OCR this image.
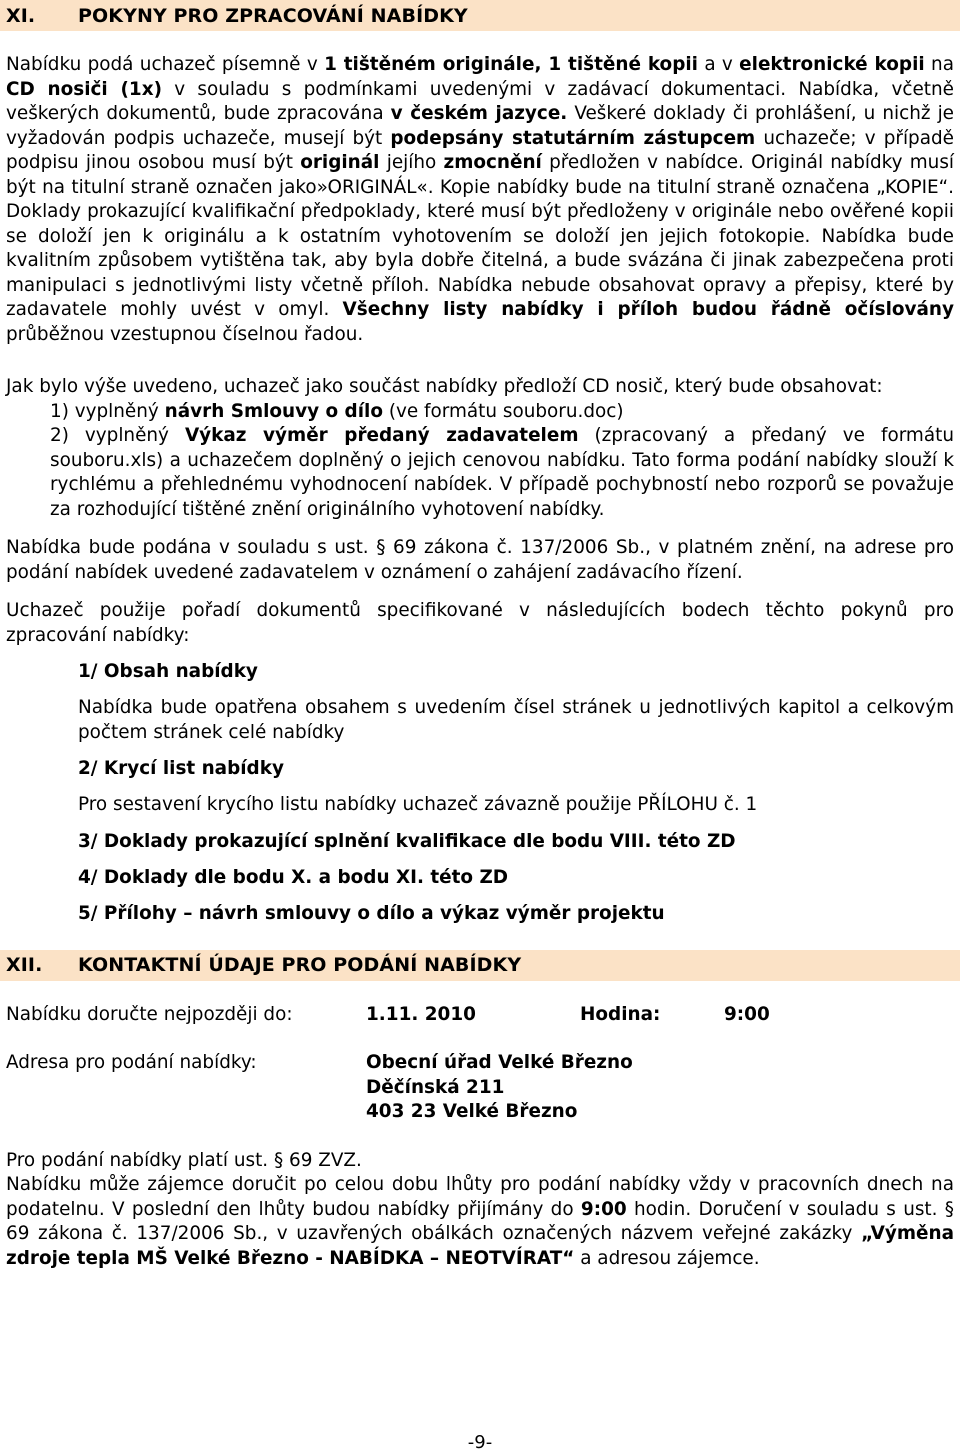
XI.	POKYNY PRO ZPRACOVÁNÍ NABÍDKY

Nabídku podá uchazeč písemně v 1 tištěném originále, 1 tištěné kopii a v elektronické kopii na CD nosiči (1x) v souladu s podmínkami uvedenými v zadávací dokumentaci. Nabídka, včetně veškerých dokumentů, bude zpracována v českém jazyce. Veškeré doklady či prohlášení, u nichž je vyžadován podpis uchazeče, musejí být podepsány statutárním zástupcem uchazeče; v případě podpisu jinou osobou musí být originál jejího zmocnění předložen v nabídce. Originál nabídky musí být na titulní straně označen jako»ORIGINÁL«. Kopie nabídky bude na titulní straně označena „KOPIE“. Doklady prokazující kvalifikační předpoklady, které musí být předloženy v originále nebo ověřené kopii se doloží jen k originálu a k ostatním vyhotovením se doloží jen jejich fotokopie. Nabídka bude kvalitním způsobem vytištěna tak, aby byla dobře čitelná, a bude svázána či jinak zabezpečena proti manipulaci s jednotlivými listy včetně příloh. Nabídka nebude obsahovat opravy a přepisy, které by zadavatele mohly uvést v omyl. Všechny listy nabídky i příloh budou řádně očíslovány průběžnou vzestupnou číselnou řadou.

Jak bylo výše uvedeno, uchazeč jako součást nabídky předloží CD nosič, který bude obsahovat:

1) vyplněný návrh Smlouvy o dílo (ve formátu souboru.doc)

2) vyplněný Výkaz výměr předaný zadavatelem (zpracovaný a předaný ve formátu souboru.xls) a uchazečem doplněný o jejich cenovou nabídku. Tato forma podání nabídky slouží k rychlému a přehlednému vyhodnocení nabídek. V případě pochybností nebo rozporů se považuje za rozhodující tištěné znění originálního vyhotovení nabídky.

Nabídka bude podána v souladu s ust. § 69 zákona č. 137/2006 Sb., v platném znění, na adrese pro podání nabídek uvedené zadavatelem v oznámení o zahájení zadávacího řízení.

Uchazeč použije pořadí dokumentů specifikované v následujících bodech těchto pokynů pro zpracování nabídky:

1/ Obsah nabídky

Nabídka bude opatřena obsahem s uvedením čísel stránek u jednotlivých kapitol a celkovým počtem stránek celé nabídky

2/ Krycí list nabídky

Pro sestavení krycího listu nabídky uchazeč závazně použije PŘÍLOHU č. 1

3/ Doklady prokazující splnění kvalifikace dle bodu VIII. této ZD

4/ Doklady dle bodu X. a bodu XI. této ZD

5/ Přílohy – návrh smlouvy o dílo a výkaz výměr projektu

XII.	KONTAKTNÍ ÚDAJE PRO PODÁNÍ NABÍDKY
Nabídku doručte nejpozději do:	1.11. 2010	Hodina:	9:00
Adresa pro podání nabídky:	Obecní úřad Velké Březno
Děčínská 211
403 23 Velké Březno

Pro podání nabídky platí ust. § 69 ZVZ.

Nabídku může zájemce doručit po celou dobu lhůty pro podání nabídky vždy v pracovních dnech na podatelnu. V poslední den lhůty budou nabídky přijímány do 9:00 hodin. Doručení v souladu s ust. § 69 zákona č. 137/2006 Sb., v uzavřených obálkách označených názvem veřejné zakázky „Výměna zdroje tepla MŠ Velké Březno - NABÍDKA – NEOTVÍRAT“ a adresou zájemce.

-9-
